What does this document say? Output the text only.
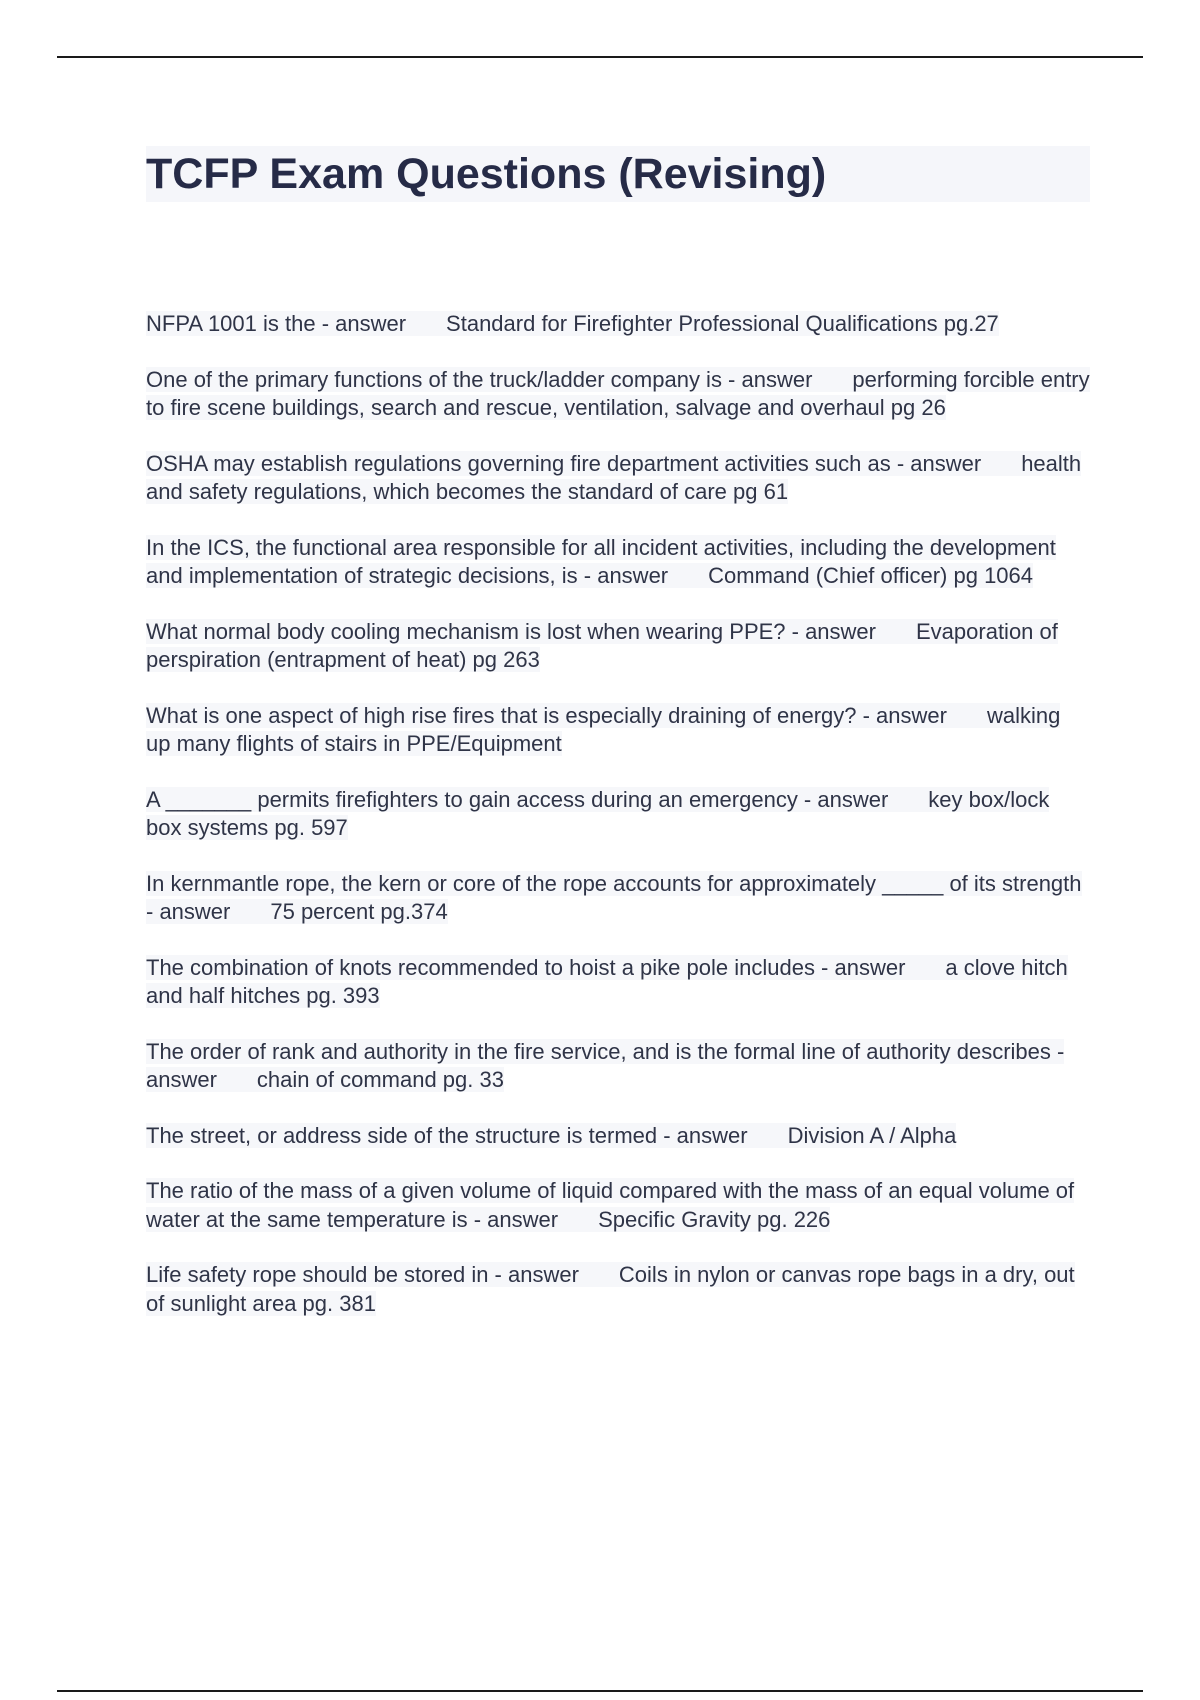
TCFP Exam Questions (Revising)

NFPA 1001 is the - answer Standard for Firefighter Professional Qualifications pg.27

One of the primary functions of the truck/ladder company is - answer performing forcible entry to fire scene buildings, search and rescue, ventilation, salvage and overhaul pg 26

OSHA may establish regulations governing fire department activities such as - answer health and safety regulations, which becomes the standard of care pg 61

In the ICS, the functional area responsible for all incident activities, including the development and implementation of strategic decisions, is - answer Command (Chief officer) pg 1064

What normal body cooling mechanism is lost when wearing PPE? - answer Evaporation of perspiration (entrapment of heat) pg 263

What is one aspect of high rise fires that is especially draining of energy? - answer walking up many flights of stairs in PPE/Equipment

A _______ permits firefighters to gain access during an emergency - answer key box/lock box systems pg. 597

In kernmantle rope, the kern or core of the rope accounts for approximately _____ of its strength - answer 75 percent pg.374

The combination of knots recommended to hoist a pike pole includes - answer a clove hitch and half hitches pg. 393

The order of rank and authority in the fire service, and is the formal line of authority describes - answer chain of command pg. 33

The street, or address side of the structure is termed - answer Division A / Alpha

The ratio of the mass of a given volume of liquid compared with the mass of an equal volume of water at the same temperature is - answer Specific Gravity pg. 226

Life safety rope should be stored in - answer Coils in nylon or canvas rope bags in a dry, out of sunlight area pg. 381
